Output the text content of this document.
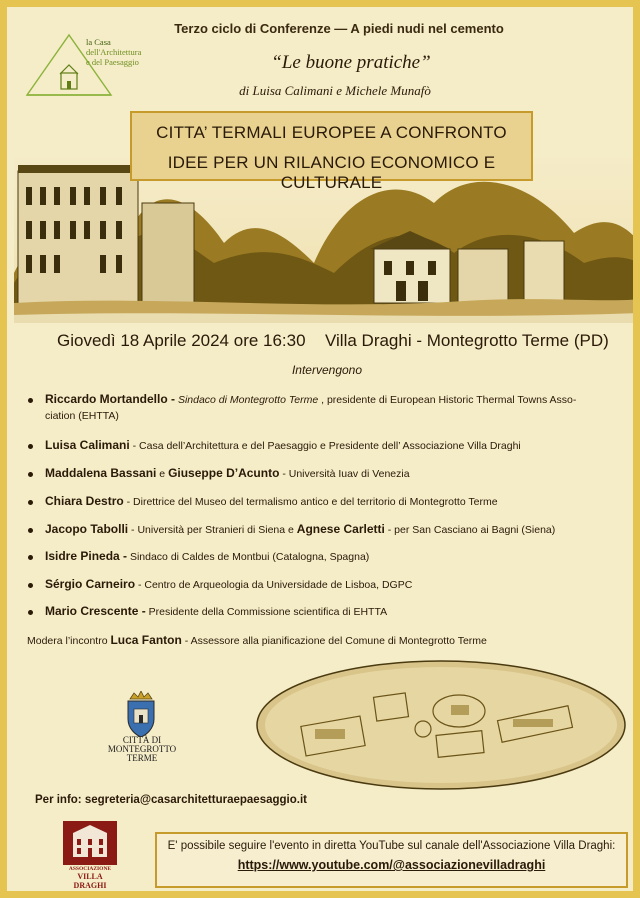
la Casa
dell'Architettura
e del Paesaggio
Terzo ciclo di Conferenze — A piedi nudi nel cemento
“Le buone pratiche”
di Luisa Calimani e Michele Munafò
CITTA’ TERMALI EUROPEE A CONFRONTO
IDEE PER UN RILANCIO ECONOMICO E CULTURALE
Giovedì 18 Aprile 2024 ore 16:30 Villa Draghi - Montegrotto Terme (PD)
Intervengono
Riccardo Mortandello - Sindaco di Montegrotto Terme , presidente di European Historic Thermal Towns Asso-
ciation (EHTTA)
Luisa Calimani - Casa dell’Architettura e del Paesaggio e Presidente dell’ Associazione Villa Draghi
Maddalena Bassani e Giuseppe D’Acunto - Università Iuav di Venezia
Chiara Destro - Direttrice del Museo del termalismo antico e del territorio di Montegrotto Terme
Jacopo Tabolli - Università per Stranieri di Siena e Agnese Carletti - per San Casciano ai Bagni (Siena)
Isidre Pineda - Sindaco di Caldes de Montbui (Catalogna, Spagna)
Sérgio Carneiro - Centro de Arqueologia da Universidade de Lisboa, DGPC
Mario Crescente - Presidente della Commissione scientifica di EHTTA
Modera l’incontro Luca Fanton - Assessore alla pianificazione del Comune di Montegrotto Terme
CITTÀ DI
MONTEGROTTO
TERME
Per info: segreteria@casarchitetturaepaesaggio.it
ASSOCIAZIONE
VILLA DRAGHI
E' possibile seguire l'evento in diretta YouTube sul canale dell'Associazione Villa Draghi:
https://www.youtube.com/@associazionevilladraghi
